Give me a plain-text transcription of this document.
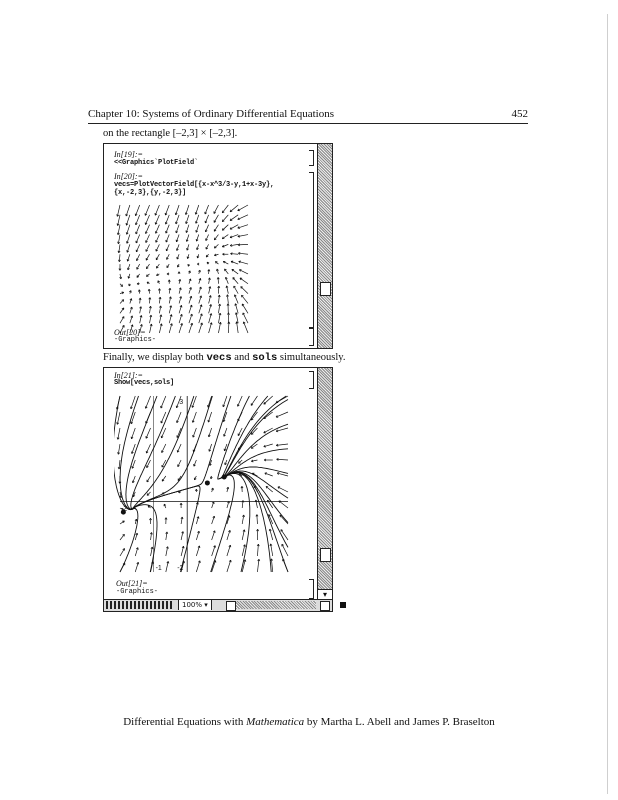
Chapter 10: Systems of Ordinary Differential Equations	452
on the rectangle [–2,3] × [–2,3].
In[19]:=
<<Graphics`PlotField`
In[20]:=
vecs=PlotVectorField[{x-x^3/3-y,1+x-3y},
{x,-2,3},{y,-2,3}]
Out[20]=
-Graphics-
Finally, we display both vecs and sols simultaneously.
In[21]:=
Show[vecs,sols]
3
-2
-2
-1
Out[21]=
-Graphics-	▾
100% ▾
Differential Equations with Mathematica by Martha L. Abell and James P. Braselton
